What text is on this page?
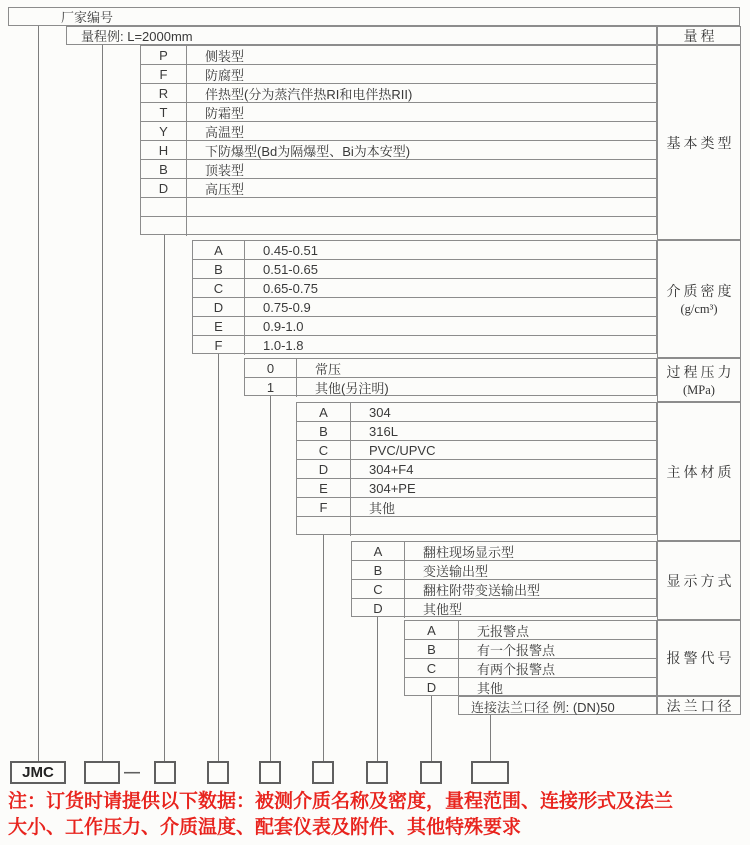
厂家编号
量程例: L=2000mm
P	侧装型
F	防腐型
R	伴热型(分为蒸汽伴热RI和电伴热RII)
T	防霜型
Y	高温型
H	下防爆型(Bd为隔爆型、Bi为本安型)
B	顶装型
D	高压型
A	0.45-0.51
B	0.51-0.65
C	0.65-0.75
D	0.75-0.9
E	0.9-1.0
F	1.0-1.8
0	常压
1	其他(另注明)
A	304
B	316L
C	PVC/UPVC
D	304+F4
E	304+PE
F	其他
A	翻柱现场显示型
B	变送输出型
C	翻柱附带变送输出型
D	其他型
A	无报警点
B	有一个报警点
C	有两个报警点
D	其他
连接法兰口径 例: (DN)50
量程
基本类型
介质密度
(g/cm³)
过程压力
(MPa)
主体材质
显示方式
报警代号
法兰口径
JMC	—
注：订货时请提供以下数据：被测介质名称及密度，量程范围、连接形式及法兰
大小、工作压力、介质温度、配套仪表及附件、其他特殊要求
